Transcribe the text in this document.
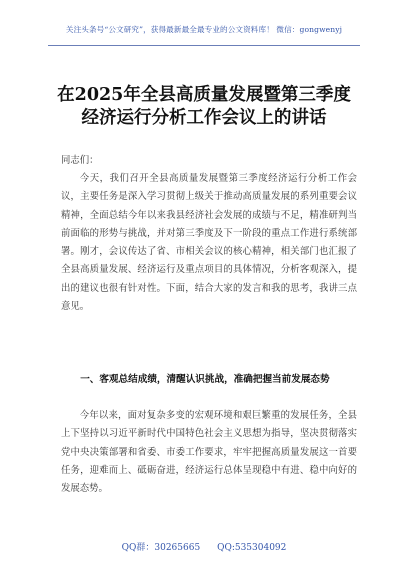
关注头条号“公文研究”，获得最新最全最专业的公文资料库！ 微信：gongwenyj
在2025年全县高质量发展暨第三季度
经济运行分析工作会议上的讲话
同志们：

今天，我们召开全县高质量发展暨第三季度经济运行分析工作会议，主要任务是深入学习贯彻上级关于推动高质量发展的系列重要会议精神，全面总结今年以来我县经济社会发展的成绩与不足，精准研判当前面临的形势与挑战，并对第三季度及下一阶段的重点工作进行系统部署。刚才，会议传达了省、市相关会议的核心精神，相关部门也汇报了全县高质量发展、经济运行及重点项目的具体情况，分析客观深入，提出的建议也很有针对性。下面，结合大家的发言和我的思考，我讲三点意见。

一、客观总结成绩，清醒认识挑战，准确把握当前发展态势

今年以来，面对复杂多变的宏观环境和艰巨繁重的发展任务，全县上下坚持以习近平新时代中国特色社会主义思想为指导，坚决贯彻落实党中央决策部署和省委、市委工作要求，牢牢把握高质量发展这一首要任务，迎难而上、砥砺奋进，经济运行总体呈现稳中有进、稳中向好的发展态势。

QQ群：30265665 QQ:535304092
